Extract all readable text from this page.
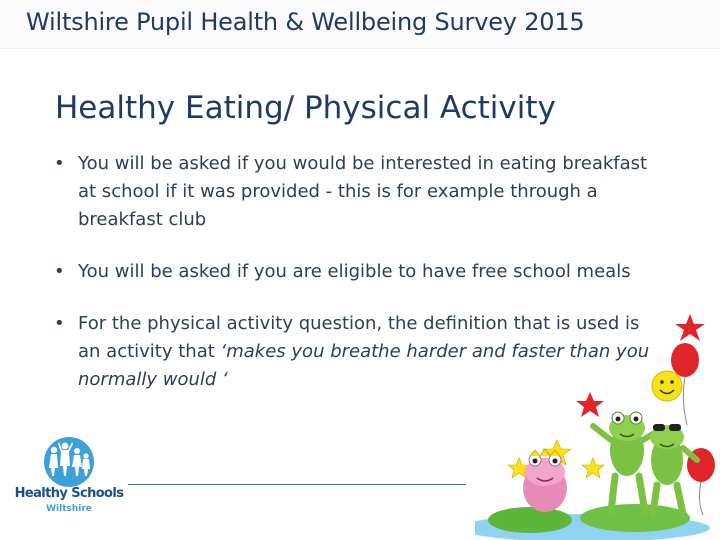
Wiltshire Pupil Health & Wellbeing Survey 2015
Healthy Eating/ Physical Activity
• You will be asked if you would be interested in eating breakfast at school if it was provided - this is for example through a breakfast club
• You will be asked if you are eligible to have free school meals
• For the physical activity question, the definition that is used is an activity that ‘makes you breathe harder and faster than you normally would ‘
Healthy Schools
Wiltshire
